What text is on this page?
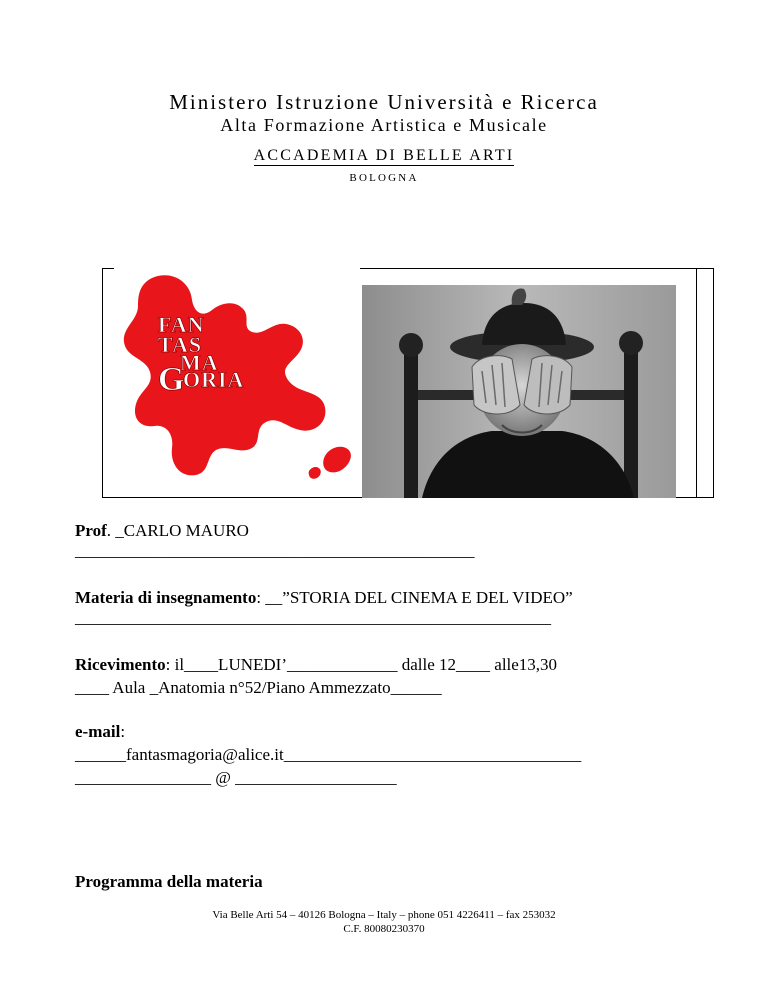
Ministero Istruzione Università e Ricerca
Alta Formazione Artistica e Musicale
ACCADEMIA DI BELLE ARTI
BOLOGNA
FAN
TAS
MA
G
ORIA
Prof. _CARLO MAURO
_______________________________________________
Materia di insegnamento: __”STORIA DEL CINEMA E DEL VIDEO”
________________________________________________________
Ricevimento: il____LUNEDI’_____________ dalle 12____ alle13,30
____ Aula _Anatomia n°52/Piano Ammezzato______
e-mail:
______fantasmagoria@alice.it___________________________________
________________ @ ___________________
Programma della materia
Via Belle Arti 54 – 40126 Bologna – Italy – phone 051 4226411 – fax 253032
C.F. 80080230370
